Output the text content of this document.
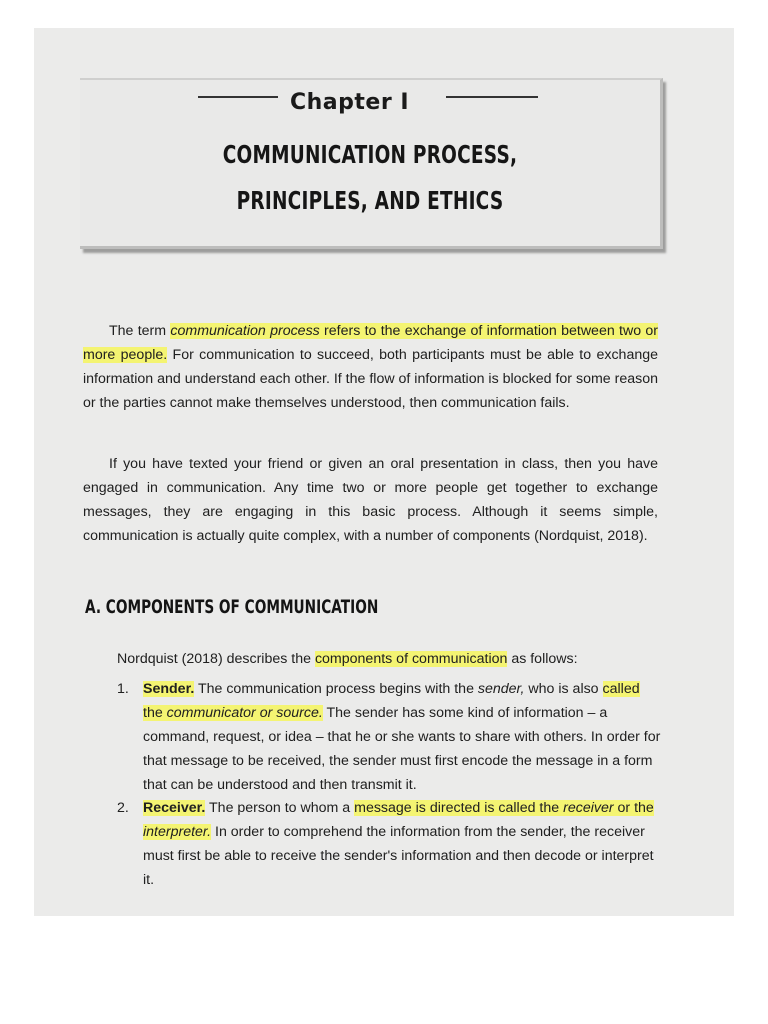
Chapter I
COMMUNICATION PROCESS,
PRINCIPLES, AND ETHICS
The term communication process refers to the exchange of information between two or more people. For communication to succeed, both participants must be able to exchange information and understand each other. If the flow of information is blocked for some reason or the parties cannot make themselves understood, then communication fails.
If you have texted your friend or given an oral presentation in class, then you have engaged in communication. Any time two or more people get together to exchange messages, they are engaging in this basic process. Although it seems simple, communication is actually quite complex, with a number of components (Nordquist, 2018).
A. COMPONENTS OF COMMUNICATION
Nordquist (2018) describes the components of communication as follows:
1. Sender. The communication process begins with the sender, who is also called the communicator or source. The sender has some kind of information – a command, request, or idea – that he or she wants to share with others. In order for that message to be received, the sender must first encode the message in a form that can be understood and then transmit it.
2. Receiver. The person to whom a message is directed is called the receiver or the interpreter. In order to comprehend the information from the sender, the receiver must first be able to receive the sender's information and then decode or interpret it.
